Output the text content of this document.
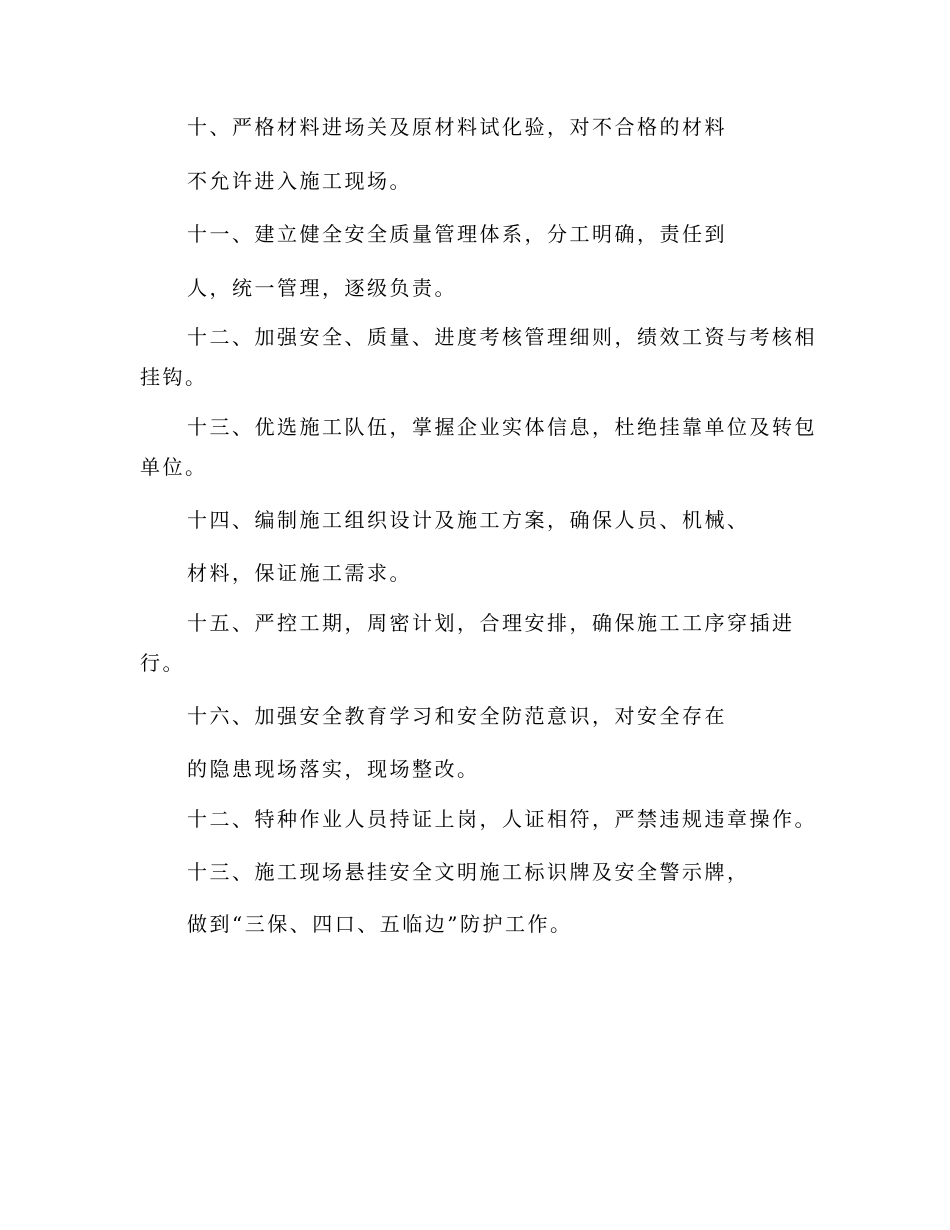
十、严格材料进场关及原材料试化验，对不合格的材料
不允许进入施工现场。
十一、建立健全安全质量管理体系，分工明确，责任到
人，统一管理，逐级负责。
十二、加强安全、质量、进度考核管理细则，绩效工资与考核相
挂钩。
十三、优选施工队伍，掌握企业实体信息，杜绝挂靠单位及转包
单位。
十四、编制施工组织设计及施工方案，确保人员、机械、
材料，保证施工需求。
十五、严控工期，周密计划，合理安排，确保施工工序穿插进
行。
十六、加强安全教育学习和安全防范意识，对安全存在
的隐患现场落实，现场整改。
十二、特种作业人员持证上岗，人证相符，严禁违规违章操作。
十三、施工现场悬挂安全文明施工标识牌及安全警示牌，
做到“三保、四口、五临边”防护工作。
